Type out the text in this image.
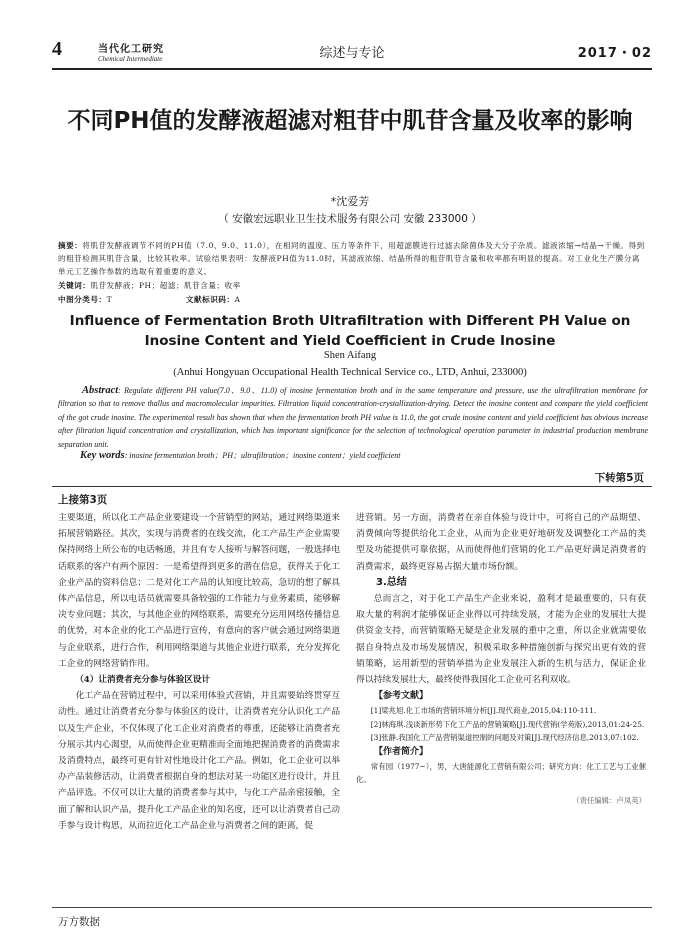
4	当代化工研究
Chemical Intermediate	综述与专论	2017・02
不同PH值的发酵液超滤对粗苷中肌苷含量及收率的影响
*沈爱芳
（ 安徽宏远职业卫生技术服务有限公司 安徽 233000 ）
摘要：将肌苷发酵液调节不同的PH值（7.0、9.0、11.0），在相同的温度、压力等条件下，用超滤膜进行过滤去除菌体及大分子杂质。滤液浓缩→结晶→干燥。得到的粗苷检测其肌苷含量，比较其收率。试验结果表明：发酵液PH值为11.0时，其滤液浓缩、结晶所得的粗苷肌苷含量和收率都有明显的提高。对工业化生产膜分离单元工艺操作参数的选取有着重要的意义。
关键词：肌苷发酵液；PH；超滤；肌苷含量；收率
中图分类号：T	文献标识码：A
Influence of Fermentation Broth Ultrafiltration with Different PH Value on Inosine Content and Yield Coefficient in Crude Inosine
Shen Aifang
(Anhui Hongyuan Occupational Health Technical Service co., LTD, Anhui, 233000)
   Abstract: Regulate different PH value(7.0、9.0、11.0) of inosine fermentation broth and in the same temperature and pressure, use the ultrafiltration membrane for filtration so that to remove thallus and macromolecular impurities. Filtration liquid concentration-crystallization-drying. Detect the inosine content and compare the yield coefficient of the got crude inosine. The experimental result has shown that when the fermentation broth PH value is 11.0, the got crude inosine content and yield coefficient has obvious increase after filtration liquid concentration and crystallization, which has important significance for the selection of technological operation parameter in industrial production membrane separation unit.
Key words: inosine fermentation broth；PH；ultrafiltration；inosine content；yield coefficient
下转第5页
上接第3页

主要渠道，所以化工产品企业要建设一个营销型的网站，通过网络渠道来拓展营销路径。其次，实现与消费者的在线交流，化工产品生产企业需要保持网络上所公布的电话畅通，并且有专人接听与解答问题，一般选择电话联系的客户有两个原因：一是希望得到更多的潜在信息，获得关于化工企业产品的资料信息；二是对化工产品的认知度比较高，急切的想了解具体产品信息，所以电话员就需要具备较强的工作能力与业务素质，能够解决专业问题；其次，与其他企业的网络联系，需要充分运用网络传播信息的优势，对本企业的化工产品进行宣传，有意向的客户就会通过网络渠道与企业联系，进行合作，利用网络渠道与其他企业进行联系，充分发挥化工企业的网络营销作用。

（4）让消费者充分参与体验区设计

化工产品在营销过程中，可以采用体验式营销，并且需要始终贯穿互动性。通过让消费者充分参与体验区的设计，让消费者充分认识化工产品以及生产企业，不仅体现了化工企业对消费者的尊重，还能够让消费者充分展示其内心渴望，从而使得企业更精准而全面地把握消费者的消费需求及消费特点，最终可更有针对性地设计化工产品。例如，化工企业可以举办产品装修活动，让消费者根据自身的想法对某一功能区进行设计，并且产品评选。不仅可以让大量的消费者参与其中，与化工产品亲密接触，全面了解和认识产品，提升化工产品企业的知名度，还可以让消费者自己动手参与设计构思，从而拉近化工产品企业与消费者之间的距离，促

进营销。另一方面，消费者在亲自体验与设计中，可将自己的产品期望、消费倾向等提供给化工企业，从而为企业更好地研发及调整化工产品的类型及功能提供可靠依据，从而使得他们营销的化工产品更好满足消费者的消费需求，最终更容易占据大量市场份额。

3.总结

总而言之，对于化工产品生产企业来说，盈利才是最重要的，只有获取大量的利润才能够保证企业得以可持续发展，才能为企业的发展壮大提供资金支持，而营销策略无疑是企业发展的重中之重，所以企业就需要依据自身特点及市场发展情况，积极采取多种措施创新与探究出更有效的营销策略，运用新型的营销举措为企业发展注入新的生机与活力，保证企业得以持续发展壮大，最终使得我国化工企业可名利双收。

【参考文献】

[1]梁兆旭.化工市场的营销环境分析[J].现代商业,2015,04:110-111.

[2]林海琪.浅谈新形势下化工产品的营销策略[J].现代营销(学苑版),2013,01:24-25.

[3]张静.我国化工产品营销渠道控制的问题及对策[J].现代经济信息,2013,07:102.

【作者简介】

常有园（1977~），男，大唐能源化工营销有限公司；研究方向：化工工艺与工业催化。

（责任编辑：卢凤英）

万方数据
